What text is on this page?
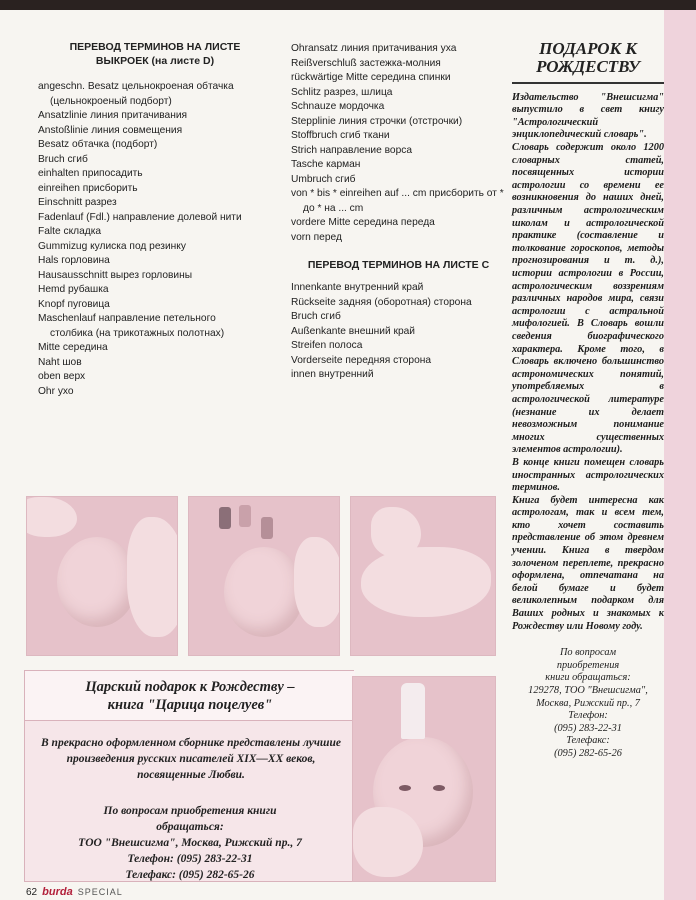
ПЕРЕВОД ТЕРМИНОВ НА ЛИСТЕ
ВЫКРОЕК (на листе D)
angeschn. Besatz цельнокроеная обтачка
(цельнокроеный подборт)
Ansatzlinie линия притачивания
Anstoßlinie линия совмещения
Besatz обтачка (подборт)
Bruch сгиб
einhalten припосадить
einreihen присборить
Einschnitt разрез
Fadenlauf (Fdl.) направление долевой нити
Falte складка
Gummizug кулиска под резинку
Hals горловина
Hausausschnitt вырез горловины
Hemd рубашка
Knopf пуговица
Maschenlauf направление петельного
столбика (на трикотажных полотнах)
Mitte середина
Naht шов
oben верх
Ohr ухо
Ohransatz линия притачивания уха
Reißverschluß застежка-молния
rückwärtige Mitte середина спинки
Schlitz разрез, шлица
Schnauze мордочка
Stepplinie линия строчки (отстрочки)
Stoffbruch сгиб ткани
Strich направление ворса
Tasche карман
Umbruch сгиб
von * bis * einreihen auf ... cm присборить от *
до * на ... cm
vordere Mitte середина переда
vorn перед
ПЕРЕВОД ТЕРМИНОВ НА ЛИСТЕ С
Innenkante внутренний край
Rückseite задняя (оборотная) сторона
Bruch сгиб
Außenkante внешний край
Streifen полоса
Vorderseite передняя сторона
innen внутренний
ПОДАРОК К
РОЖДЕСТВУ

Издательство "Внешсигма" выпустило в свет книгу "Астрологический энциклопедический словарь".

Словарь содержит около 1200 словарных статей, посвященных истории астрологии со времени ее возникновения до наших дней, различным астрологическим школам и астрологической практике (составление и толкование гороскопов, методы прогнозирования и т. д.), истории астрологии в России, астрологическим воззрениям различных народов мира, связи астрологии с астральной мифологией. В Словарь вошли сведения биографического характера. Кроме того, в Словарь включено большинство астрономических понятий, употребляемых в астрологической литературе (незнание их делает невозможным понимание многих существенных элементов астрологии).

В конце книги помещен словарь иностранных астрологических терминов.

Книга будет интересна как астрологам, так и всем тем, кто хочет составить представление об этом древнем учении. Книга в твердом золоченом переплете, прекрасно оформлена, отпечатана на белой бумаге и будет великолепным подарком для Ваших родных и знакомых к Рождеству или Новому году.

По вопросам
приобретения
книги обращаться:
129278, ТОО "Внешсигма",
Москва, Рижский пр., 7
Телефон:
(095) 283-22-31
Телефакс:
(095) 282-65-26
Царский подарок к Рождеству –
книга "Царица поцелуев"
В прекрасно оформленном сборнике представлены лучшие произведения русских писателей XIX—XX веков, посвященные Любви.
По вопросам приобретения книги
обращаться:
ТОО "Внешсигма", Москва, Рижский пр., 7
Телефон: (095) 283-22-31
Телефакс: (095) 282-65-26
62 burda SPECIAL
